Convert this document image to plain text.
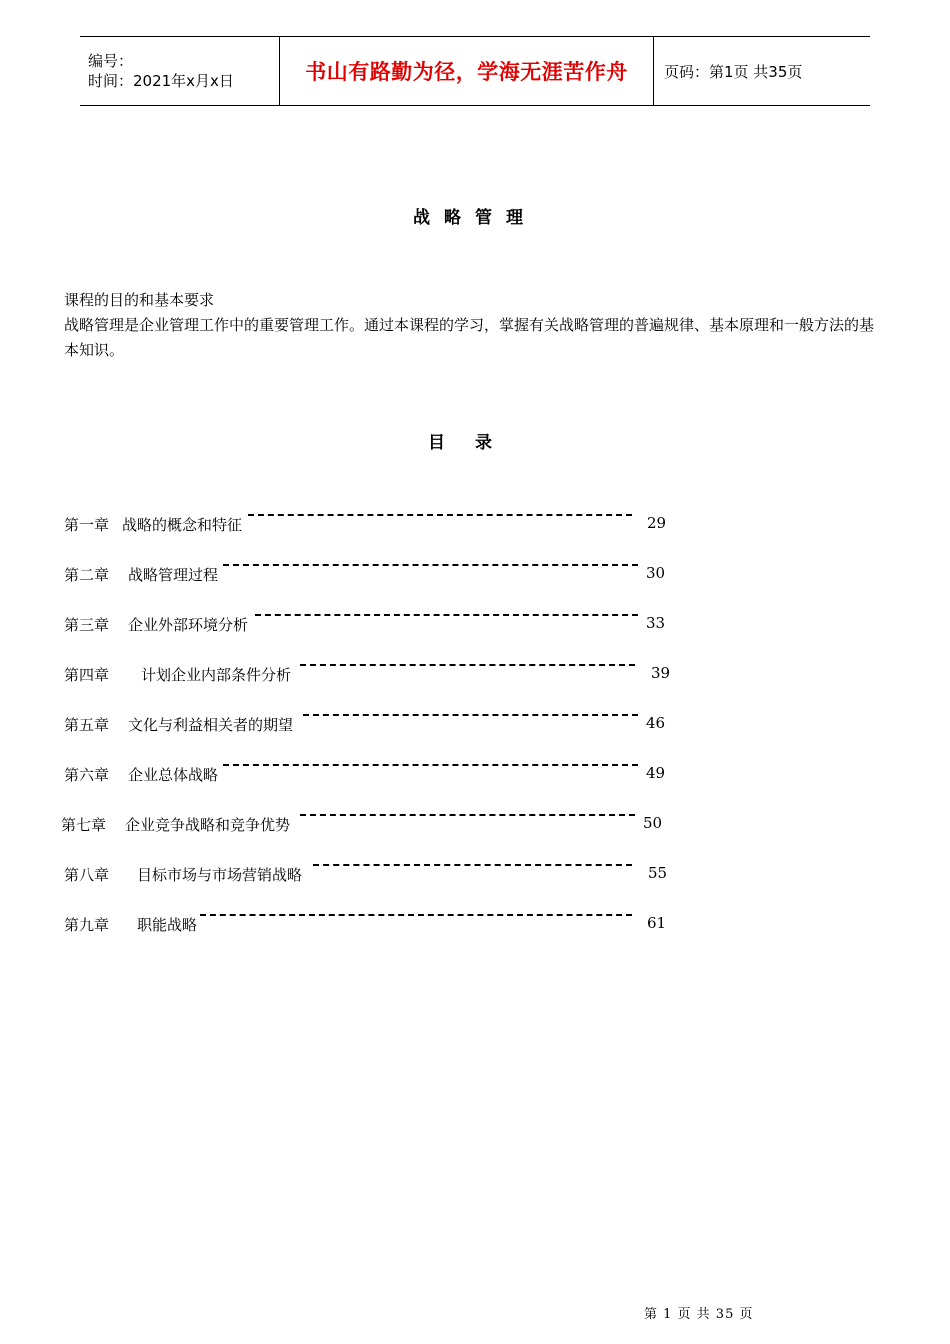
编号：
时间：2021年x月x日	书山有路勤为径，学海无涯苦作舟 页码：第1页 共35页
战略管理
课程的目的和基本要求
战略管理是企业管理工作中的重要管理工作。通过本课程的学习，掌握有关战略管理的普遍规律、基本原理和一般方法的基本知识。
目录
第一章 战略的概念和特征	29
第二章 战略管理过程	30
第三章 企业外部环境分析	33
第四章 计划企业内部条件分析	39
第五章 文化与利益相关者的期望	46
第六章 企业总体战略	49
第七章 企业竞争战略和竞争优势	50
第八章 目标市场与市场营销战略	55
第九章 职能战略	61
第 1 页 共 35 页
